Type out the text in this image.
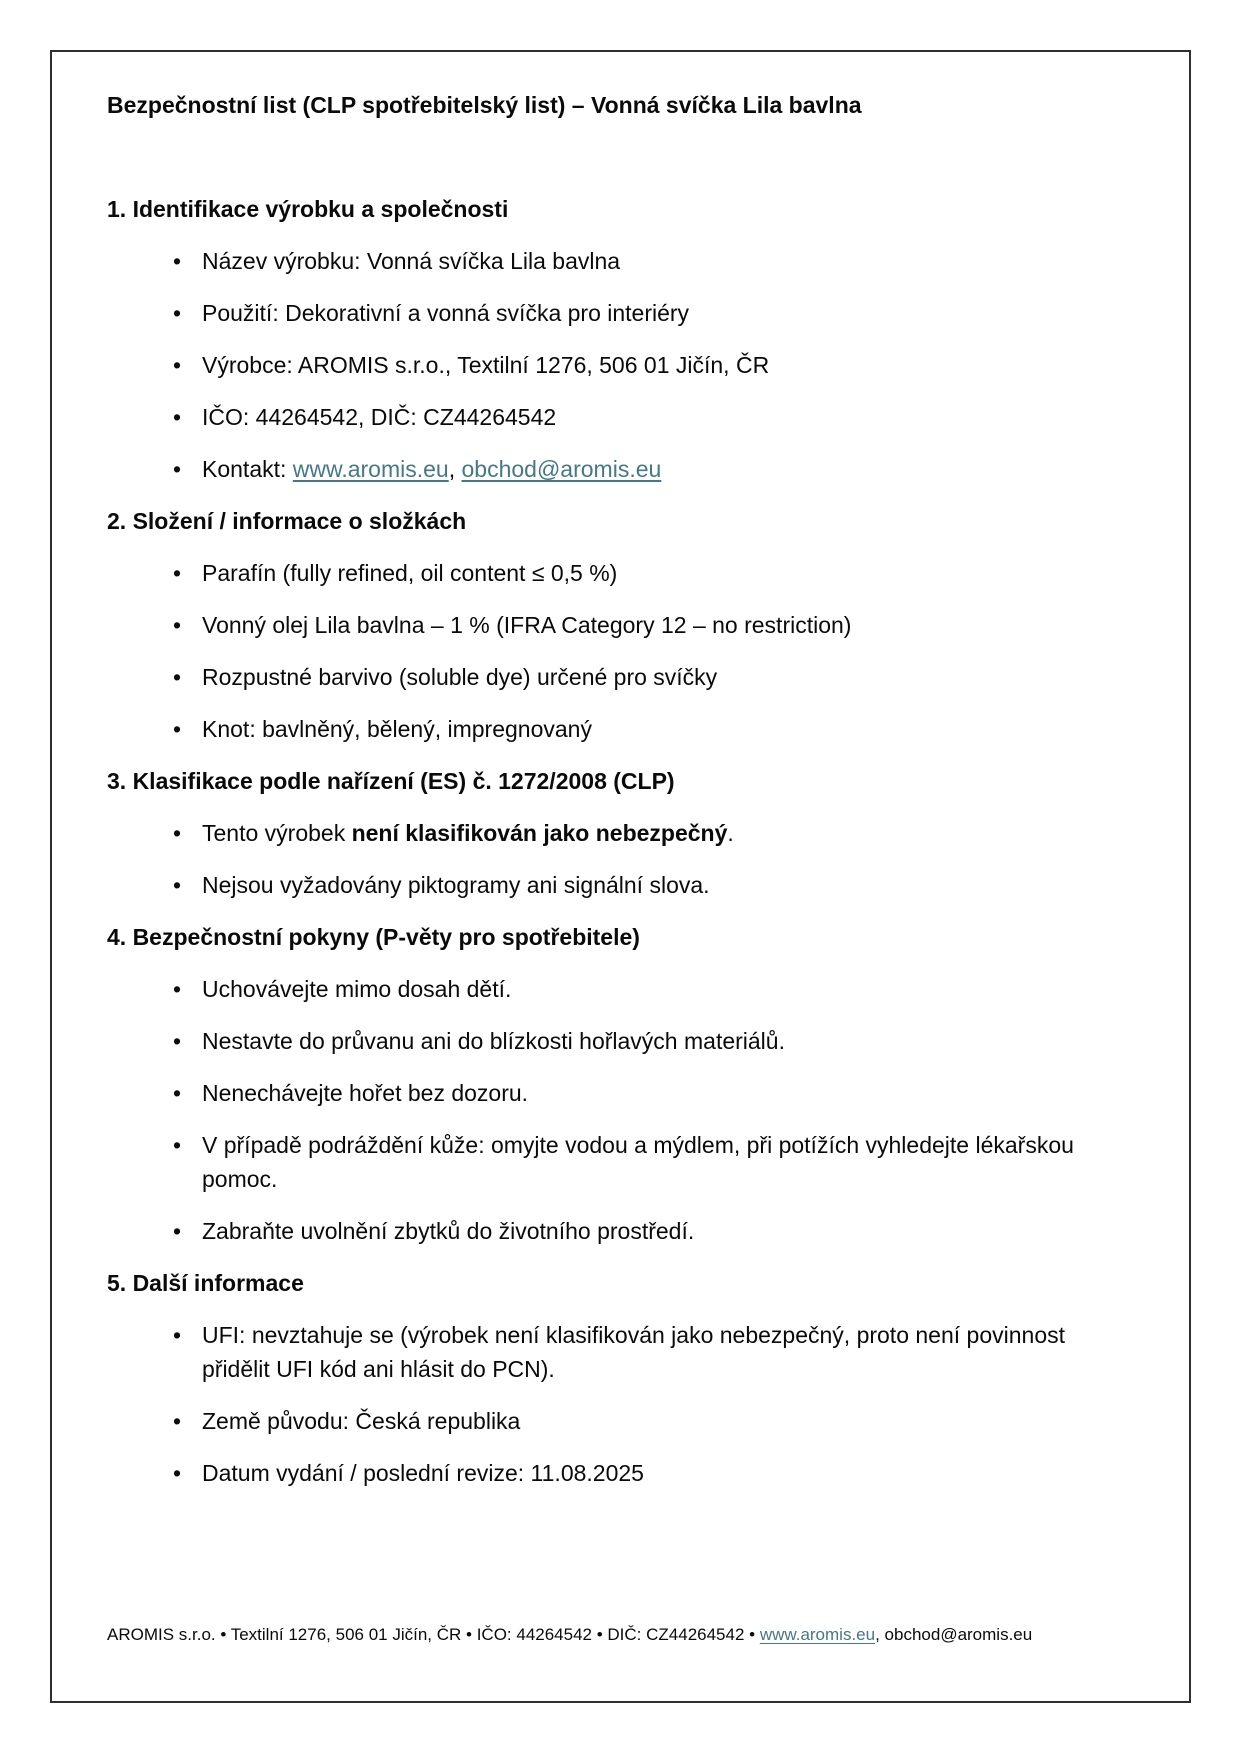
Bezpečnostní list (CLP spotřebitelský list) – Vonná svíčka Lila bavlna

1. Identifikace výrobku a společnosti

• Název výrobku: Vonná svíčka Lila bavlna
• Použití: Dekorativní a vonná svíčka pro interiéry
• Výrobce: AROMIS s.r.o., Textilní 1276, 506 01 Jičín, ČR
• IČO: 44264542, DIČ: CZ44264542
• Kontakt: www.aromis.eu, obchod@aromis.eu

2. Složení / informace o složkách

• Parafín (fully refined, oil content ≤ 0,5 %)
• Vonný olej Lila bavlna – 1 % (IFRA Category 12 – no restriction)
• Rozpustné barvivo (soluble dye) určené pro svíčky
• Knot: bavlněný, bělený, impregnovaný

3. Klasifikace podle nařízení (ES) č. 1272/2008 (CLP)

• Tento výrobek není klasifikován jako nebezpečný.
• Nejsou vyžadovány piktogramy ani signální slova.

4. Bezpečnostní pokyny (P-věty pro spotřebitele)

• Uchovávejte mimo dosah dětí.
• Nestavte do průvanu ani do blízkosti hořlavých materiálů.
• Nenechávejte hořet bez dozoru.
• V případě podráždění kůže: omyjte vodou a mýdlem, při potížích vyhledejte lékařskou pomoc.
• Zabraňte uvolnění zbytků do životního prostředí.

5. Další informace

• UFI: nevztahuje se (výrobek není klasifikován jako nebezpečný, proto není povinnost přidělit UFI kód ani hlásit do PCN).
• Země původu: Česká republika
• Datum vydání / poslední revize: 11.08.2025
AROMIS s.r.o. • Textilní 1276, 506 01 Jičín, ČR • IČO: 44264542 • DIČ: CZ44264542 • www.aromis.eu, obchod@aromis.eu
